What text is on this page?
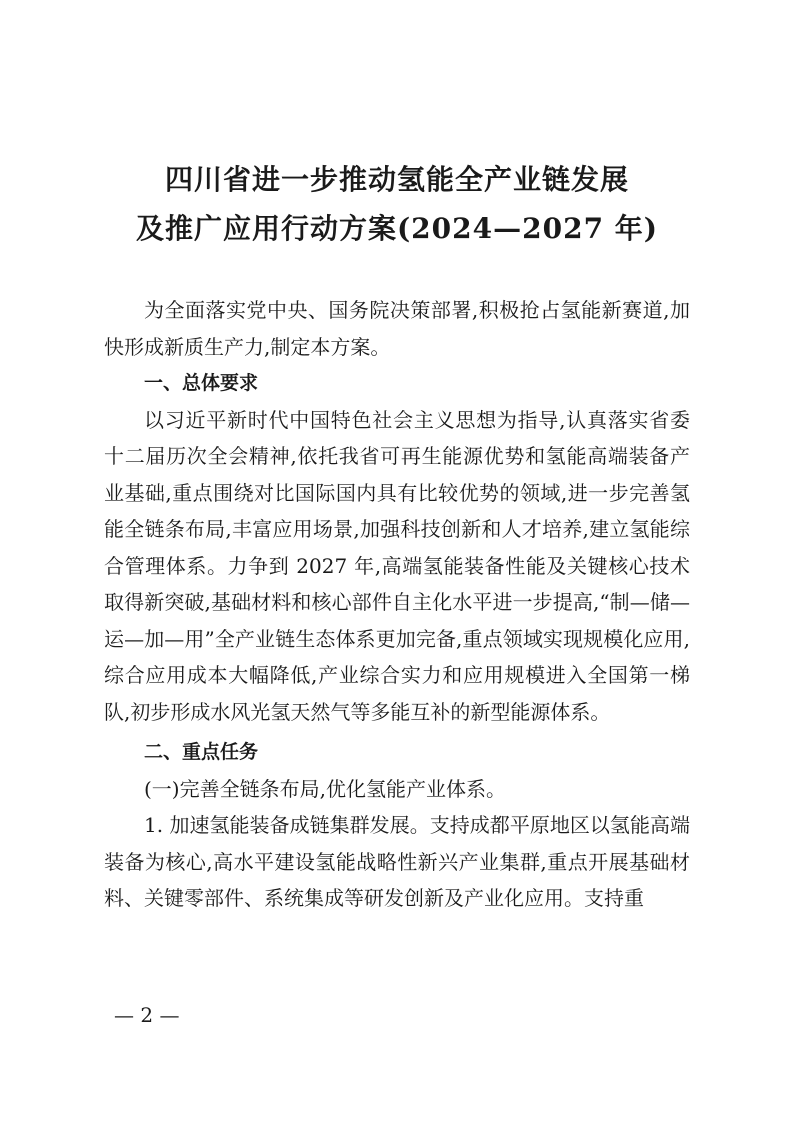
四川省进一步推动氢能全产业链发展
及推广应用行动方案(2024—2027 年)

为全面落实党中央、国务院决策部署,积极抢占氢能新赛道,加快形成新质生产力,制定本方案。

一、总体要求

以习近平新时代中国特色社会主义思想为指导,认真落实省委十二届历次全会精神,依托我省可再生能源优势和氢能高端装备产业基础,重点围绕对比国际国内具有比较优势的领域,进一步完善氢能全链条布局,丰富应用场景,加强科技创新和人才培养,建立氢能综合管理体系。力争到 2027 年,高端氢能装备性能及关键核心技术取得新突破,基础材料和核心部件自主化水平进一步提高,“制—储—运—加—用”全产业链生态体系更加完备,重点领域实现规模化应用,综合应用成本大幅降低,产业综合实力和应用规模进入全国第一梯队,初步形成水风光氢天然气等多能互补的新型能源体系。

二、重点任务

(一)完善全链条布局,优化氢能产业体系。

1. 加速氢能装备成链集群发展。支持成都平原地区以氢能高端装备为核心,高水平建设氢能战略性新兴产业集群,重点开展基础材料、关键零部件、系统集成等研发创新及产业化应用。支持重

— 2 —
